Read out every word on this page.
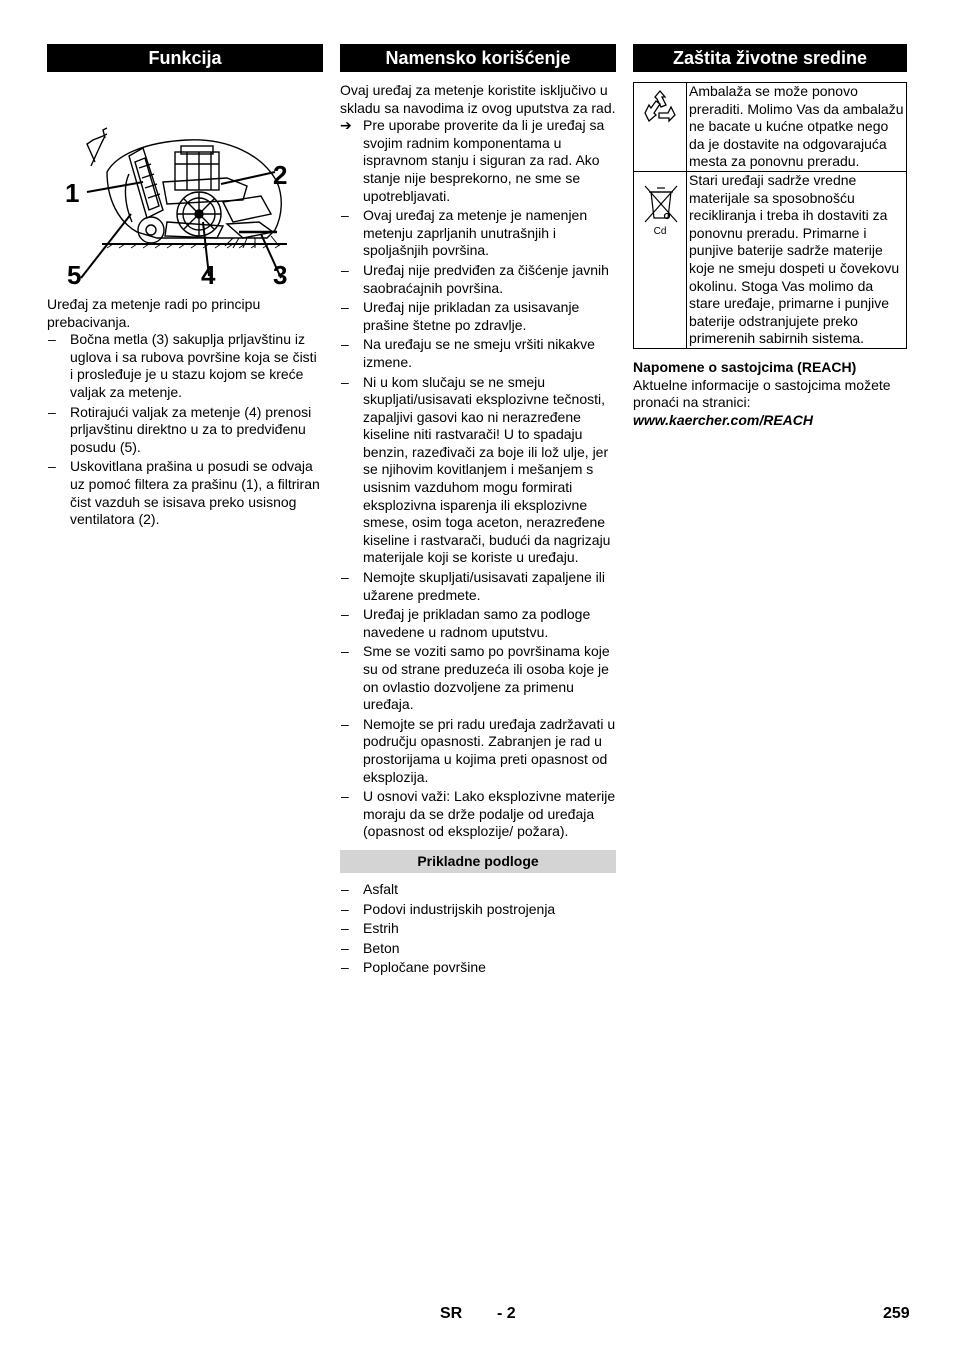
Funkcija
1
2
3
4
5

Uređaj za metenje radi po principu prebacivanja.

– Bočna metla (3) sakuplja prljavštinu iz uglova i sa rubova površine koja se čisti i prosleđuje je u stazu kojom se kreće valjak za metenje.
– Rotirajući valjak za metenje (4) prenosi prljavštinu direktno u za to predviđenu posudu (5).
– Uskovitlana prašina u posudi se odvaja uz pomoć filtera za prašinu (1), a filtriran čist vazduh se isisava preko usisnog ventilatora (2).
Namensko korišćenje

Ovaj uređaj za metenje koristite isključivo u skladu sa navodima iz ovog uputstva za rad.

➔ Pre uporabe proverite da li je uređaj sa svojim radnim komponentama u ispravnom stanju i siguran za rad. Ako stanje nije besprekorno, ne sme se upotrebljavati.
– Ovaj uređaj za metenje je namenjen metenju zaprljanih unutrašnjih i spoljašnjih površina.
– Uređaj nije predviđen za čišćenje javnih saobraćajnih površina.
– Uređaj nije prikladan za usisavanje prašine štetne po zdravlje.
– Na uređaju se ne smeju vršiti nikakve izmene.
– Ni u kom slučaju se ne smeju skupljati/usisavati eksplozivne tečnosti, zapaljivi gasovi kao ni nerazređene kiseline niti rastvarači! U to spadaju benzin, razeđivači za boje ili lož ulje, jer se njihovim kovitlanjem i mešanjem s usisnim vazduhom mogu formirati eksplozivna isparenja ili eksplozivne smese, osim toga aceton, nerazređene kiseline i rastvarači, budući da nagrizaju materijale koji se koriste u uređaju.
– Nemojte skupljati/usisavati zapaljene ili užarene predmete.
– Uređaj je prikladan samo za podloge navedene u radnom uputstvu.
– Sme se voziti samo po površinama koje su od strane preduzeća ili osoba koje je on ovlastio dozvoljene za primenu uređaja.
– Nemojte se pri radu uređaja zadržavati u području opasnosti. Zabranjen je rad u prostorijama u kojima preti opasnost od eksplozija.
– U osnovi važi: Lako eksplozivne materije moraju da se drže podalje od uređaja (opasnost od eksplozije/ požara).
Prikladne podloge
– Asfalt
– Podovi industrijskih postrojenja
– Estrih
– Beton
– Popločane površine
Zaštita životne sredine
	Ambalaža se može ponovo preraditi. Molimo Vas da ambalažu ne bacate u kućne otpatke nego da je dostavite na odgovarajuća mesta za ponovnu preradu.

Cd	Stari uređaji sadrže vredne materijale sa sposobnošću recikliranja i treba ih dostaviti za ponovnu preradu. Primarne i punjive baterije sadrže materije koje ne smeju dospeti u čovekovu okolinu. Stoga Vas molimo da stare uređaje, primarne i punjive baterije odstranjujete preko primerenih sabirnih sistema.

Napomene o sastojcima (REACH)

Aktuelne informacije o sastojcima možete pronaći na stranici:

www.kaercher.com/REACH

SR - 2	259
